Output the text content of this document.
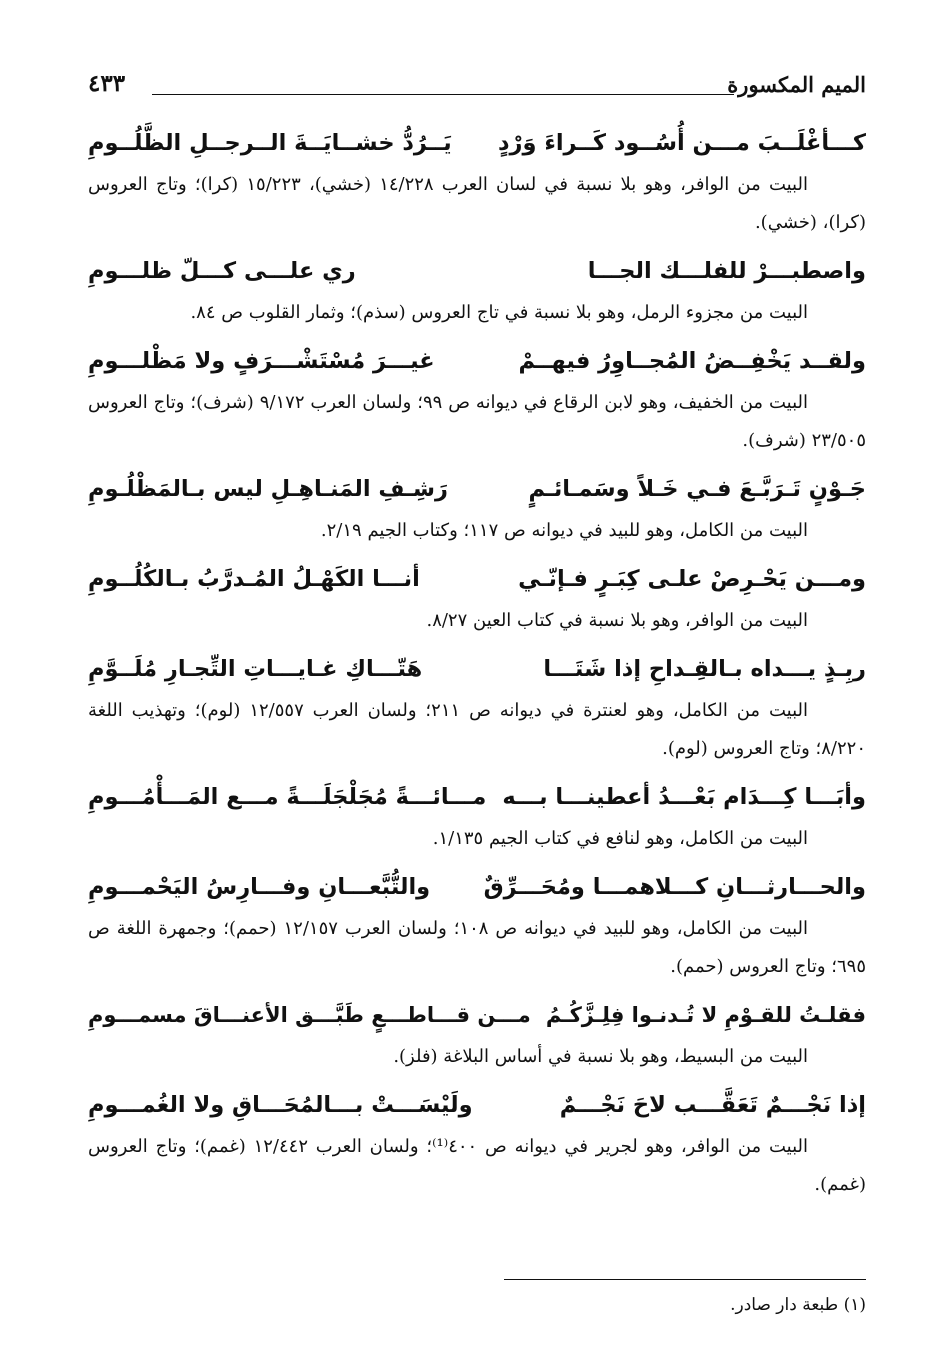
الميم المكسورة
٤٣٣
كـــأغْلَــبَ مـــن أُسُــود كَــراءَ وَرْدٍ
يَــرُدُّ خشــايَــةَ الــرجــلِ الظَّلُــومِ

البيت من الوافر، وهو بلا نسبة في لسان العرب ١٤/٢٢٨ (خشي)، ١٥/٢٢٣ (كرا)؛ وتاج العروس (كرا)، (خشي).

واصطبـــرْ للفلـــك الجـــا
ري علـــى كـــلّ ظلـــومِ

البيت من مجزوء الرمل، وهو بلا نسبة في تاج العروس (سذم)؛ وثمار القلوب ص ٨٤.

ولقــد يَخْفِــضُ المُجــاوِرُ فيهــمْ
غيـــرَ مُسْتَشْـــرَفٍ ولا مَظْلـــومِ

البيت من الخفيف، وهو لابن الرقاع في ديوانه ص ٩٩؛ ولسان العرب ٩/١٧٢ (شرف)؛ وتاج العروس ٢٣/٥٠٥ (شرف).

جَـوْنٍ تَـرَبَّـعَ فـي خَـلاً وسَمـائـمٍ
رَشِـفِ المَنـاهِـلِ ليس بـالمَظْلُـومِ

البيت من الكامل، وهو للبيد في ديوانه ص ١١٧؛ وكتاب الجيم ٢/١٩.

ومـــن يَحْـرِصْ علـى كِبَـرٍ فـإنّـي
أنـــا الكَهْـلُ المُـدرَّبُ بـالكُلُــومِ

البيت من الوافر، وهو بلا نسبة في كتاب العين ٨/٢٧.

ربِـذٍ يـــداه بـالقِـداحِ إذا شَتَـــا
هَتّـــاكِ غـايـــاتِ التِّجـارِ مُلَــوَّمِ

البيت من الكامل، وهو لعنترة في ديوانه ص ٢١١؛ ولسان العرب ١٢/٥٥٧ (لوم)؛ وتهذيب اللغة ٨/٢٢٠؛ وتاج العروس (لوم).

وأبَـــا كِـــدَام بَعْـــدُ أعطينـــا بـــه
مـــائـــةً مُجَلْجَلَـــةً مـــع المَـــأْمُـــومِ

البيت من الكامل، وهو لنافع في كتاب الجيم ١/١٣٥.

والحـــارثـــانِ كـــلاهمـــا ومُحَـــرِّقٌ
والتُّبَّعـــانِ وفـــارِسُ اليَحْمـــومِ

البيت من الكامل، وهو للبيد في ديوانه ص ١٠٨؛ ولسان العرب ١٢/١٥٧ (حمم)؛ وجمهرة اللغة ص ٦٩٥؛ وتاج العروس (حمم).

فقلـتُ للقـوْمِ لا تُـدنـوا فِلِـزَّكُـمُ
مـــن قـــاطـــعٍ طَبَّـــق الأعنـــاقَ مسمـــومِ

البيت من البسيط، وهو بلا نسبة في أساس البلاغة (فلز).

إذا نَجْـــمٌ تَعَقَّـــب لاحَ نَجْـــمٌ
ولَيْسَـــتْ بـــالمُحَـــاقِ ولا الغُمـــومِ

البيت من الوافر، وهو لجرير في ديوانه ص ٤٠٠⁽¹⁾؛ ولسان العرب ١٢/٤٤٢ (غمم)؛ وتاج العروس (غمم).

(١) طبعة دار صادر.
